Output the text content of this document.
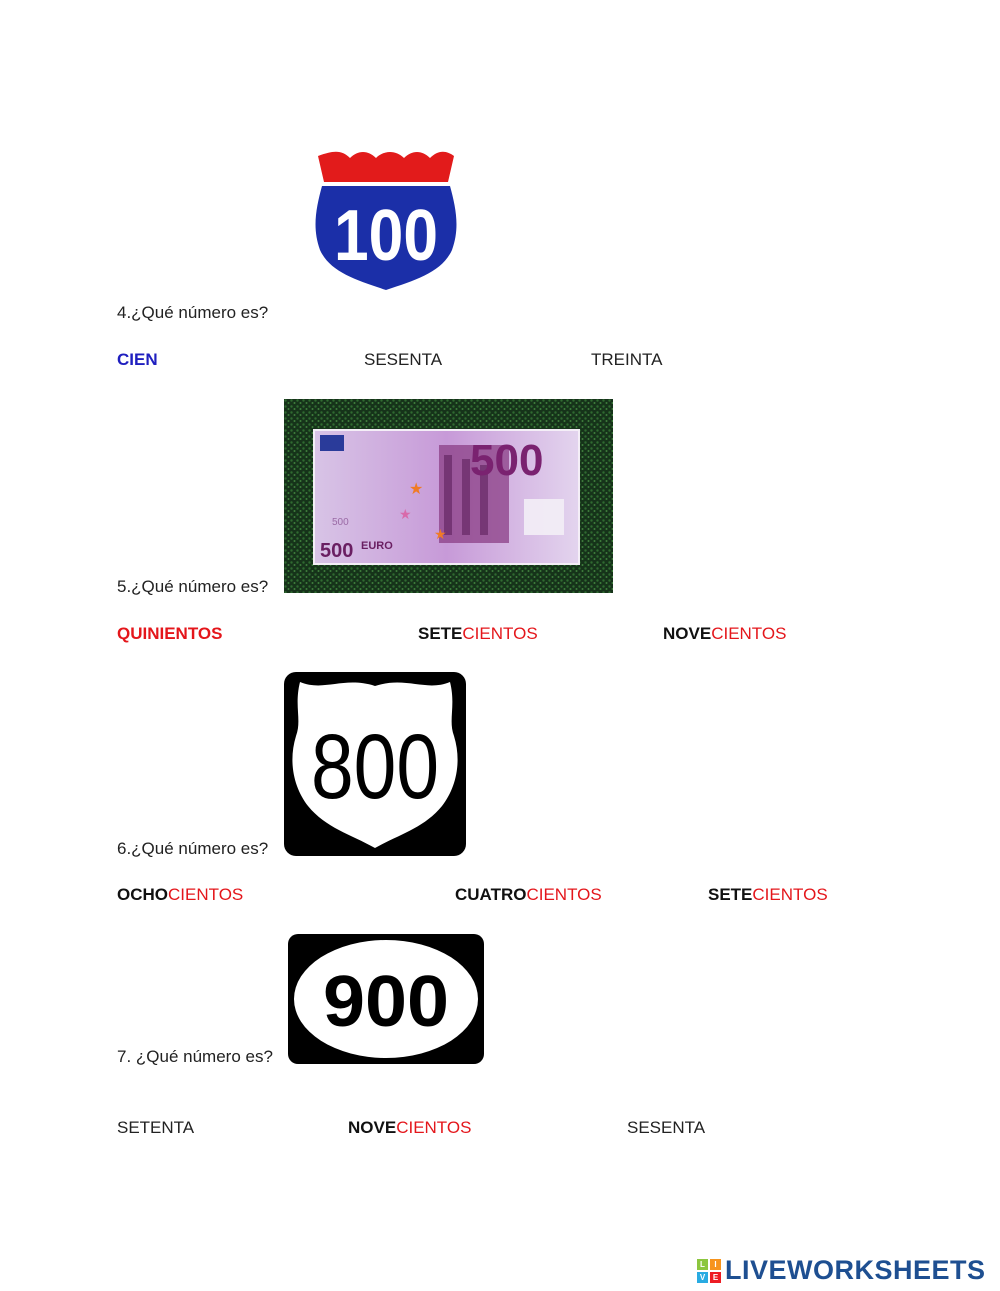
100
4.¿Qué número es?
CIEN	SESENTA	TREINTA
★
★
★
500
500
500 EURO
5.¿Qué número es?
QUINIENTOS	SETECIENTOS	NOVECIENTOS
800
6.¿Qué número es?
OCHOCIENTOS	CUATROCIENTOS	SETECIENTOS
900
7. ¿Qué número es?
SETENTA	NOVECIENTOS	SESENTA
L	I
V E LIVEWORKSHEETS
